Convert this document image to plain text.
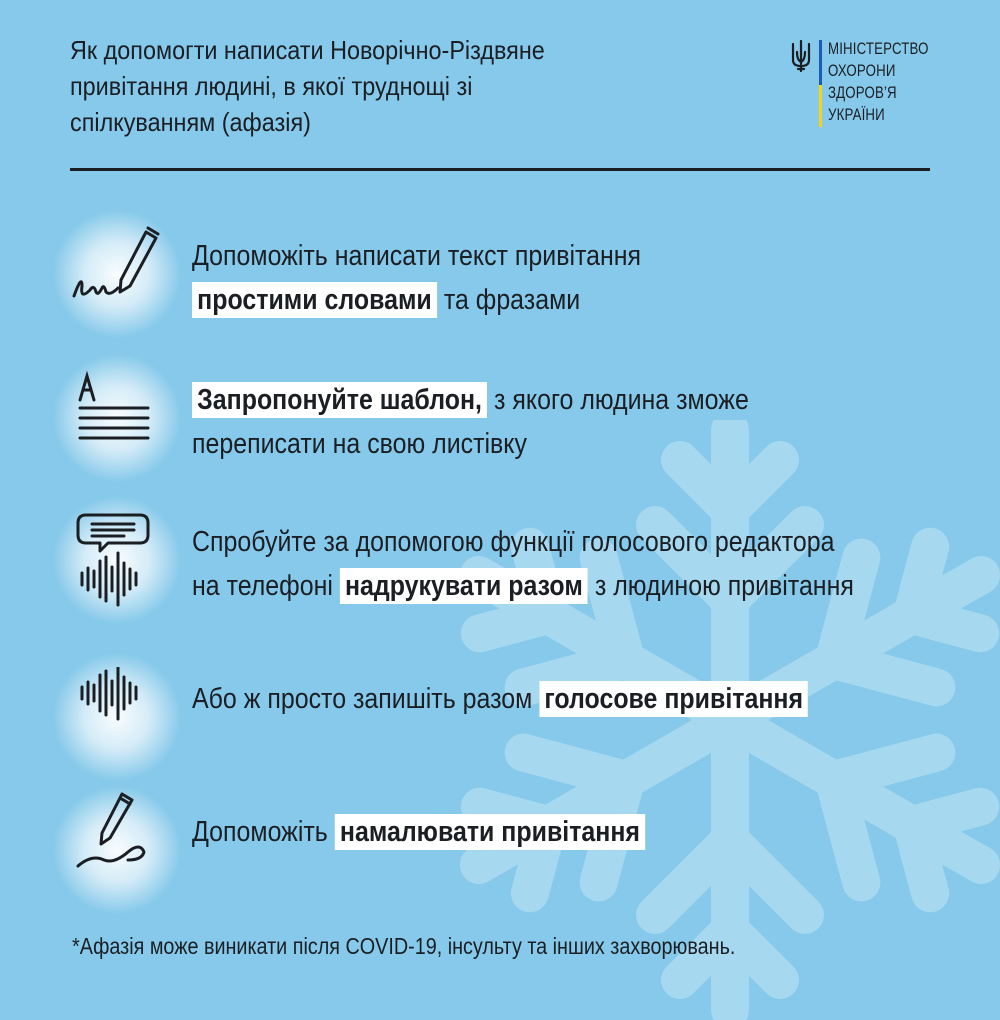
Як допомогти написати Новорічно-Різдвяне
привітання людині, в якої труднощі зі
спілкуванням (афазія)
МІНІСТЕРСТВО
ОХОРОНИ
ЗДОРОВ’Я
УКРАЇНИ
Допоможіть написати текст привітання
простими словами та фразами
Запропонуйте шаблон, з якого людина зможе
переписати на свою листівку
Спробуйте за допомогою функції голосового редактора
на телефоні надрукувати разом з людиною привітання
Або ж просто запишіть разом голосове привітання
Допоможіть намалювати привітання
*Афазія може виникати після COVID-19, інсульту та інших захворювань.
